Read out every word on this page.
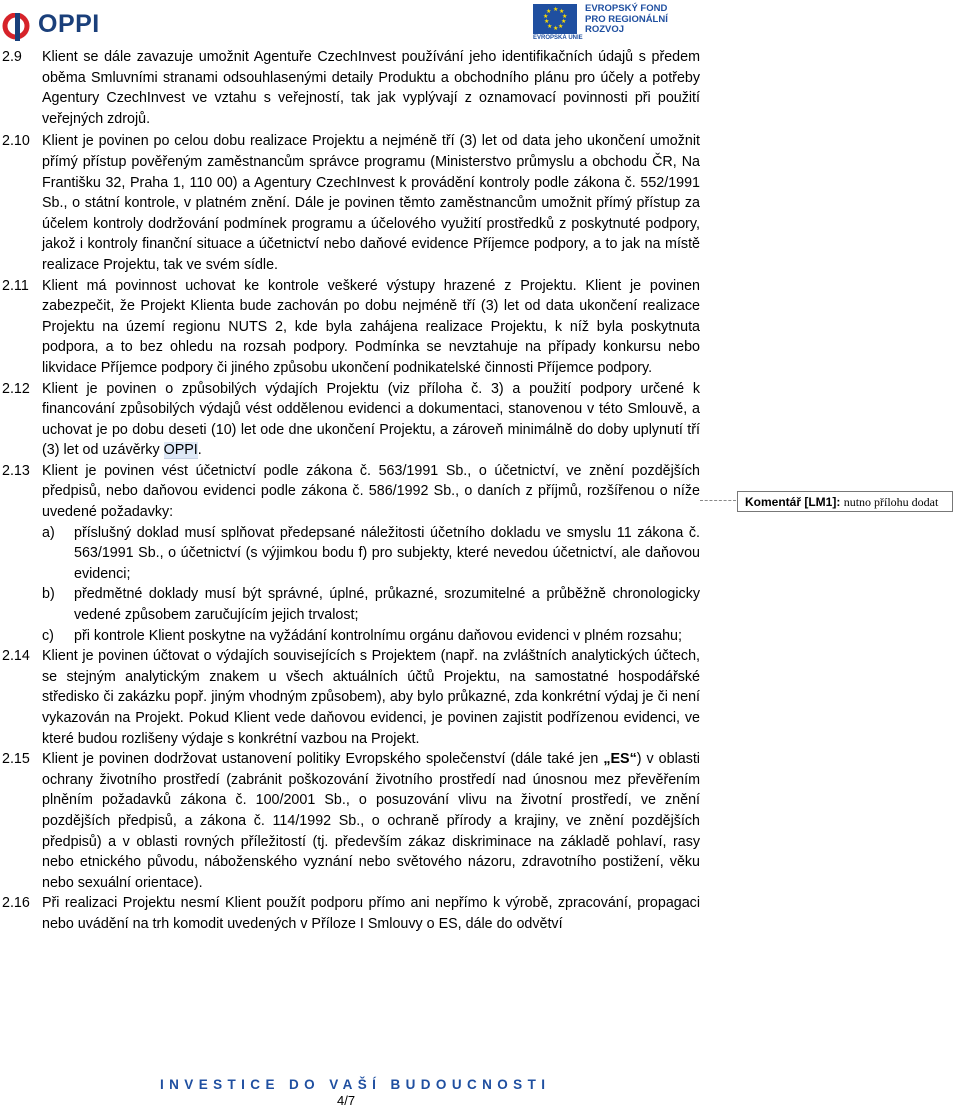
OPPI	★ ★
★
★
★
★
★
★
★
★
EVROPSKÁ UNIE
EVROPSKÝ FOND
PRO REGIONÁLNÍ
ROZVOJ

2.9 Klient se dále zavazuje umožnit Agentuře CzechInvest používání jeho identifikačních údajů s předem oběma Smluvními stranami odsouhlasenými detaily Produktu a obchodního plánu pro účely a potřeby Agentury CzechInvest ve vztahu s veřejností, tak jak vyplývají z oznamovací povinnosti při použití veřejných zdrojů.

2.10 Klient je povinen po celou dobu realizace Projektu a nejméně tří (3) let od data jeho ukončení umožnit přímý přístup pověřeným zaměstnancům správce programu (Ministerstvo průmyslu a obchodu ČR, Na Františku 32, Praha 1, 110 00) a Agentury CzechInvest k provádění kontroly podle zákona č. 552/1991 Sb., o státní kontrole, v platném znění. Dále je povinen těmto zaměstnancům umožnit přímý přístup za účelem kontroly dodržování podmínek programu a účelového využití prostředků z poskytnuté podpory, jakož i kontroly finanční situace a účetnictví nebo daňové evidence Příjemce podpory, a to jak na místě realizace Projektu, tak ve svém sídle.

2.11 Klient má povinnost uchovat ke kontrole veškeré výstupy hrazené z Projektu. Klient je povinen zabezpečit, že Projekt Klienta bude zachován po dobu nejméně tří (3) let od data ukončení realizace Projektu na území regionu NUTS 2, kde byla zahájena realizace Projektu, k níž byla poskytnuta podpora, a to bez ohledu na rozsah podpory. Podmínka se nevztahuje na případy konkursu nebo likvidace Příjemce podpory či jiného způsobu ukončení podnikatelské činnosti Příjemce podpory.

2.12 Klient je povinen o způsobilých výdajích Projektu (viz příloha č. 3) a použití podpory určené k financování způsobilých výdajů vést oddělenou evidenci a dokumentaci, stanovenou v této Smlouvě, a uchovat je po dobu deseti (10) let ode dne ukončení Projektu, a zároveň minimálně do doby uplynutí tří (3) let od uzávěrky OPPI.

2.13 Klient je povinen vést účetnictví podle zákona č. 563/1991 Sb., o účetnictví, ve znění pozdějších předpisů, nebo daňovou evidenci podle zákona č. 586/1992 Sb., o daních z příjmů, rozšířenou o níže uvedené požadavky:

a) příslušný doklad musí splňovat předepsané náležitosti účetního dokladu ve smyslu 11 zákona č. 563/1991 Sb., o účetnictví (s výjimkou bodu f) pro subjekty, které nevedou účetnictví, ale daňovou evidenci;

b) předmětné doklady musí být správné, úplné, průkazné, srozumitelné a průběžně chronologicky vedené způsobem zaručujícím jejich trvalost;

c) při kontrole Klient poskytne na vyžádání kontrolnímu orgánu daňovou evidenci v plném rozsahu;

2.14 Klient je povinen účtovat o výdajích souvisejících s Projektem (např. na zvláštních analytických účtech, se stejným analytickým znakem u všech aktuálních účtů Projektu, na samostatné hospodářské středisko či zakázku popř. jiným vhodným způsobem), aby bylo průkazné, zda konkrétní výdaj je či není vykazován na Projekt. Pokud Klient vede daňovou evidenci, je povinen zajistit podřízenou evidenci, ve které budou rozlišeny výdaje s konkrétní vazbou na Projekt.

2.15 Klient je povinen dodržovat ustanovení politiky Evropského společenství (dále také jen „ES“) v oblasti ochrany životního prostředí (zabránit poškozování životního prostředí nad únosnou mez převěřením plněním požadavků zákona č. 100/2001 Sb., o posuzování vlivu na životní prostředí, ve znění pozdějších předpisů, a zákona č. 114/1992 Sb., o ochraně přírody a krajiny, ve znění pozdějších předpisů) a v oblasti rovných příležitostí (tj. především zákaz diskriminace na základě pohlaví, rasy nebo etnického původu, náboženského vyznání nebo světového názoru, zdravotního postižení, věku nebo sexuální orientace).

2.16 Při realizaci Projektu nesmí Klient použít podporu přímo ani nepřímo k výrobě, zpracování, propagaci nebo uvádění na trh komodit uvedených v Příloze I Smlouvy o ES, dále do odvětví

Komentář [LM1]: nutno přílohu dodat
INVESTICE DO VAŠÍ BUDOUCNOSTI
4/7
